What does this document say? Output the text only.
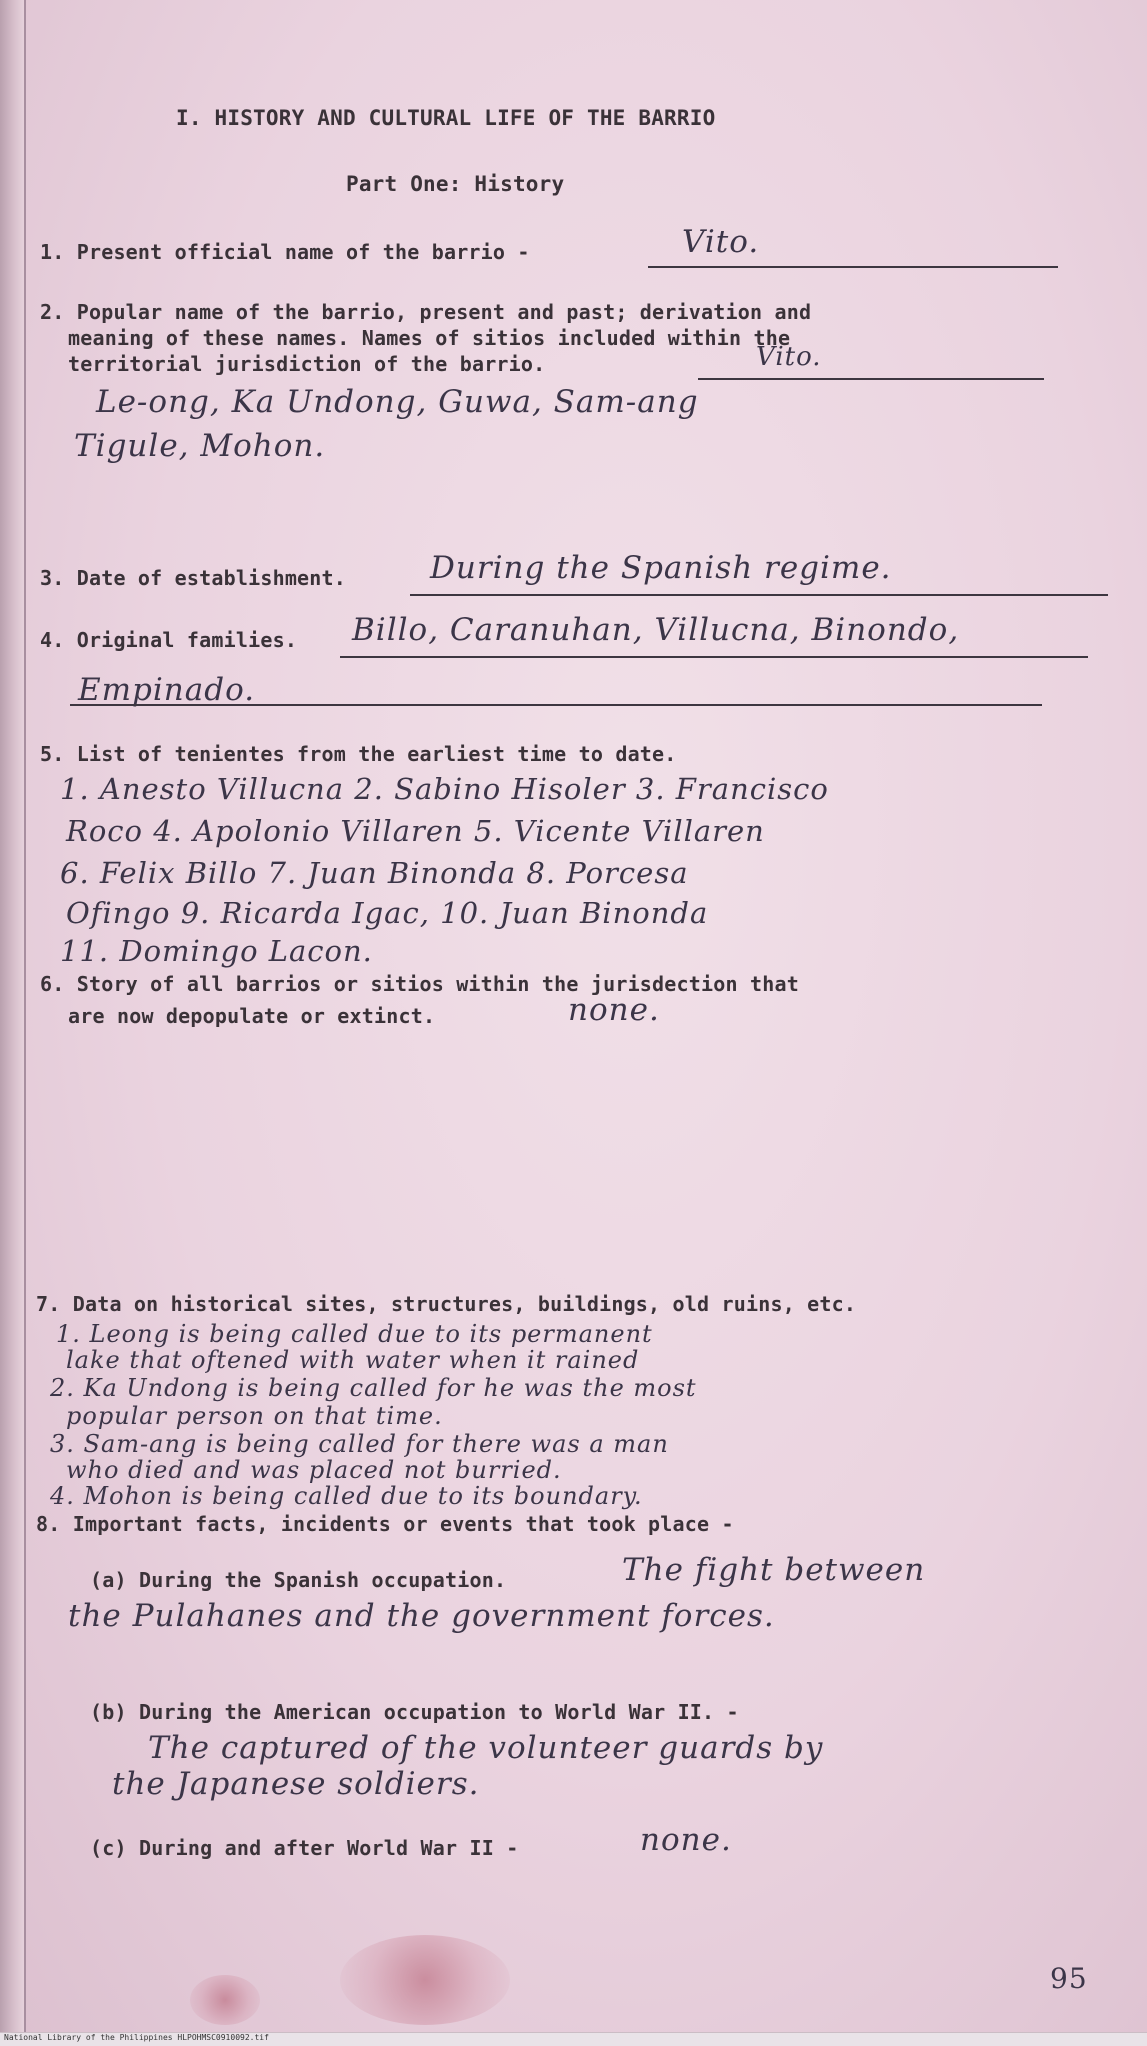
I. HISTORY AND CULTURAL LIFE OF THE BARRIO
Part One: History
1. Present official name of the barrio -	Vito.
2. Popular name of the barrio, present and past; derivation and
meaning of these names. Names of sitios included within the
territorial jurisdiction of the barrio.	Vito.
Le-ong, Ka Undong, Guwa, Sam-ang
Tigule, Mohon.
3. Date of establishment.	During the Spanish regime.
4. Original families. Billo, Caranuhan, Villucna, Binondo,
Empinado.
5. List of tenientes from the earliest time to date.
1. Anesto Villucna 2. Sabino Hisoler 3. Francisco
Roco 4. Apolonio Villaren 5. Vicente Villaren
6. Felix Billo 7. Juan Binonda 8. Porcesa
Ofingo 9. Ricarda Igac, 10. Juan Binonda
11. Domingo Lacon.
6. Story of all barrios or sitios within the jurisdection that
are now depopulate or extinct.	none.
7. Data on historical sites, structures, buildings, old ruins, etc.
1. Leong is being called due to its permanent
lake that oftened with water when it rained
2. Ka Undong is being called for he was the most
popular person on that time.
3. Sam-ang is being called for there was a man
who died and was placed not burried.
4. Mohon is being called due to its boundary.
8. Important facts, incidents or events that took place -
(a) During the Spanish occupation.	The fight between
the Pulahanes and the government forces.
(b) During the American occupation to World War II. -
The captured of the volunteer guards by
the Japanese soldiers.
(c) During and after World War II -	none.
95
National Library of the Philippines HLPOHMSC0910092.tif
